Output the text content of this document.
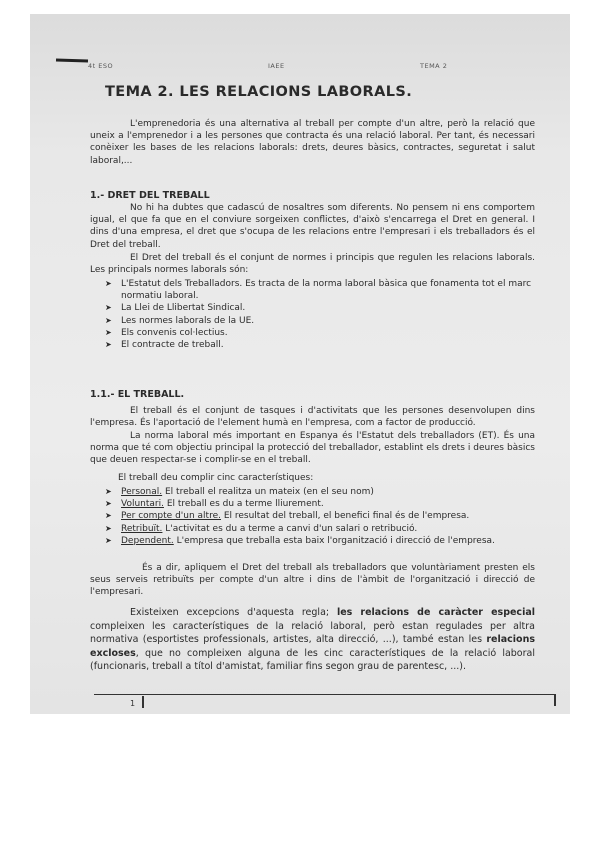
4t ESO	IAEE	TEMA 2
TEMA 2. LES RELACIONS LABORALS.
L'emprenedoria és una alternativa al treball per compte d'un altre, però la relació que uneix a l'emprenedor i a les persones que contracta és una relació laboral. Per tant, és necessari conèixer les bases de les relacions laborals: drets, deures bàsics, contractes, seguretat i salut laboral,...
1.- DRET DEL TREBALL
No hi ha dubtes que cadascú de nosaltres som diferents. No pensem ni ens comportem igual, el que fa que en el conviure sorgeixen conflictes, d'això s'encarrega el Dret en general. I dins d'una empresa, el dret que s'ocupa de les relacions entre l'empresari i els treballadors és el Dret del treball.
El Dret del treball és el conjunt de normes i principis que regulen les relacions laborals. Les principals normes laborals són:
➤ L'Estatut dels Treballadors. Es tracta de la norma laboral bàsica que fonamenta tot el marc normatiu laboral.
➤ La Llei de Llibertat Sindical.
➤ Les normes laborals de la UE.
➤ Els convenis col·lectius.
➤ El contracte de treball.
1.1.- EL TREBALL.
El treball és el conjunt de tasques i d'activitats que les persones desenvolupen dins l'empresa. És l'aportació de l'element humà en l'empresa, com a factor de producció.
La norma laboral més important en Espanya és l'Estatut dels treballadors (ET). És una norma que té com objectiu principal la protecció del treballador, establint els drets i deures bàsics que deuen respectar-se i complir-se en el treball.
El treball deu complir cinc característiques:
➤ Personal. El treball el realitza un mateix (en el seu nom)
➤ Voluntari. El treball es du a terme lliurement.
➤ Per compte d'un altre. El resultat del treball, el benefici final és de l'empresa.
➤ Retribuït. L'activitat es du a terme a canvi d'un salari o retribució.
➤ Dependent. L'empresa que treballa esta baix l'organització i direcció de l'empresa.
És a dir, apliquem el Dret del treball als treballadors que voluntàriament presten els seus serveis retribuïts per compte d'un altre i dins de l'àmbit de l'organització i direcció de l'empresari.
Existeixen excepcions d'aquesta regla; les relacions de caràcter especial compleixen les característiques de la relació laboral, però estan regulades per altra normativa (esportistes professionals, artistes, alta direcció, ...), també estan les relacions excloses, que no compleixen alguna de les cinc característiques de la relació laboral (funcionaris, treball a títol d'amistat, familiar fins segon grau de parentesc, ...).
1
